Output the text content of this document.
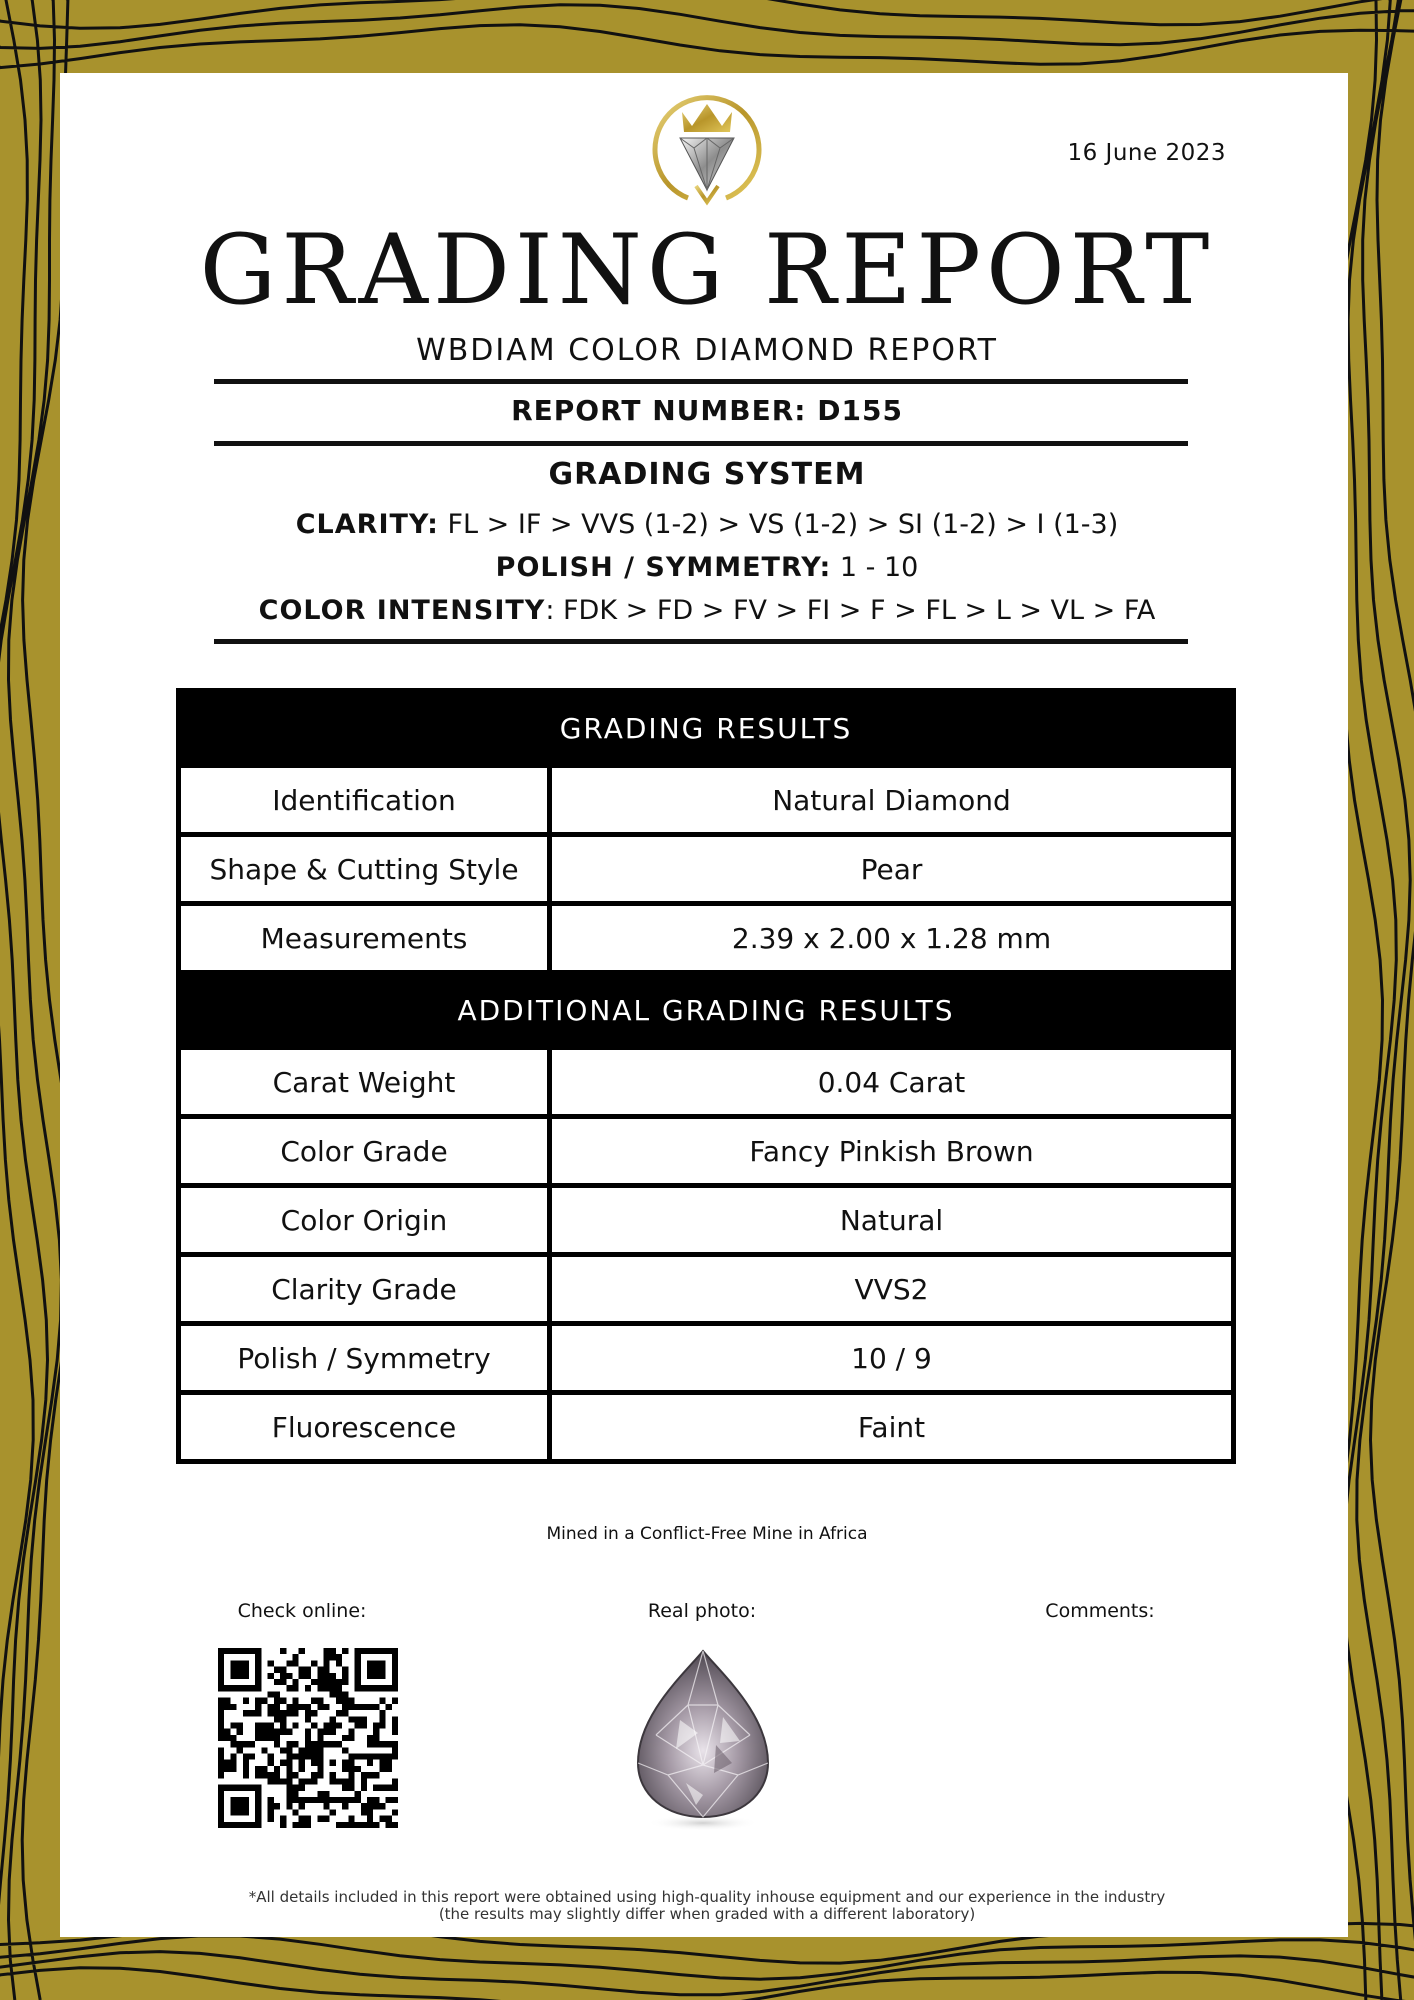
16 June 2023
GRADING REPORT
WBDIAM COLOR DIAMOND REPORT
REPORT NUMBER: D155
GRADING SYSTEM
CLARITY: FL > IF > VVS (1-2) > VS (1-2) > SI (1-2) > I (1-3)
POLISH / SYMMETRY: 1 - 10
COLOR INTENSITY: FDK > FD > FV > FI > F > FL > L > VL > FA
GRADING RESULTS	
Identification	Natural Diamond
Shape & Cutting Style	Pear
Measurements	2.39 x 2.00 x 1.28 mm
ADDITIONAL GRADING RESULTS	
Carat Weight	0.04 Carat
Color Grade	Fancy Pinkish Brown
Color Origin	Natural
Clarity Grade	VVS2
Polish / Symmetry	10 / 9
Fluorescence	Faint
Mined in a Conflict-Free Mine in Africa
Check online:	Real photo:	Comments:
*All details included in this report were obtained using high-quality inhouse equipment and our experience in the industry
(the results may slightly differ when graded with a different laboratory)
